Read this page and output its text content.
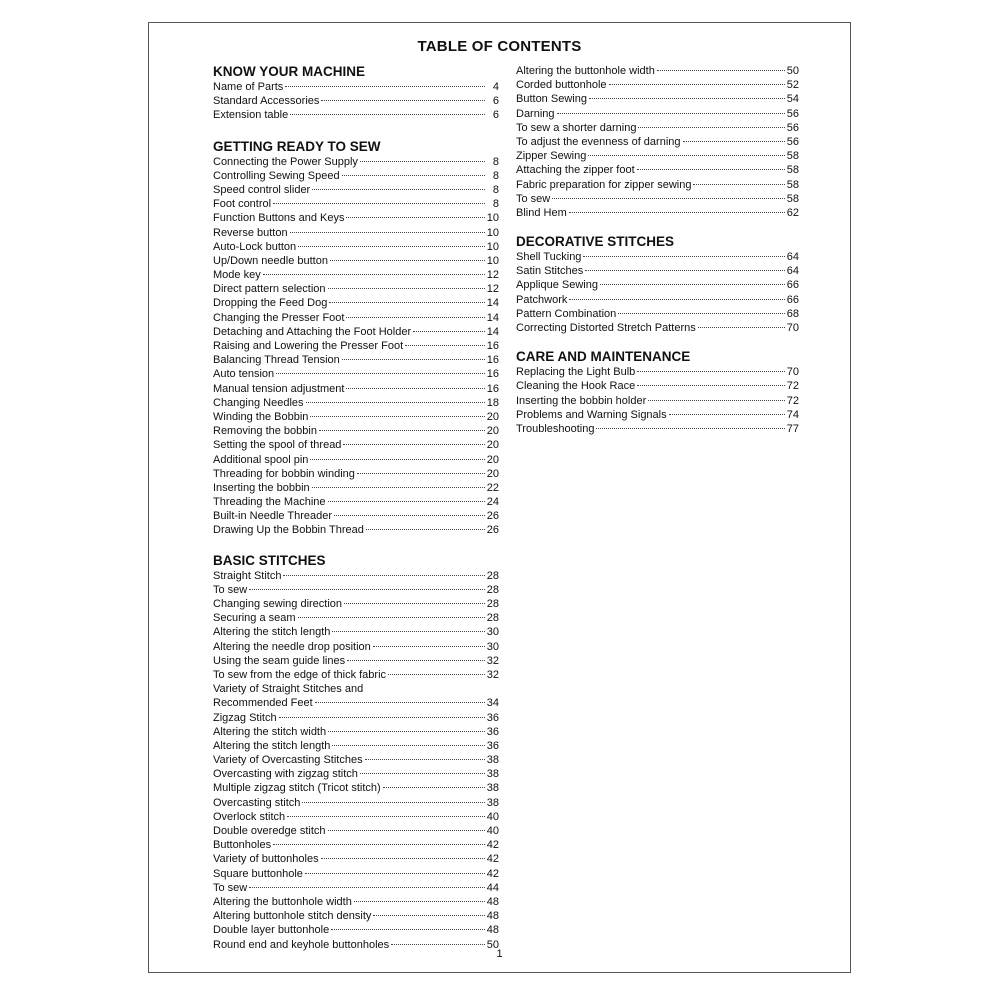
TABLE OF CONTENTS
KNOW YOUR MACHINE
Name of Parts	4
Standard Accessories	6
Extension table	6
GETTING READY TO SEW
Connecting the Power Supply	8
Controlling Sewing Speed	8
Speed control slider	8
Foot control	8
Function Buttons and Keys	10
Reverse button	10
Auto-Lock button	10
Up/Down needle button	10
Mode key	12
Direct pattern selection	12
Dropping the Feed Dog	14
Changing the Presser Foot	14
Detaching and Attaching the Foot Holder	14
Raising and Lowering the Presser Foot	16
Balancing Thread Tension	16
Auto tension	16
Manual tension adjustment	16
Changing Needles	18
Winding the Bobbin	20
Removing the bobbin	20
Setting the spool of thread	20
Additional spool pin	20
Threading for bobbin winding	20
Inserting the bobbin	22
Threading the Machine	24
Built-in Needle Threader	26
Drawing Up the Bobbin Thread	26
BASIC STITCHES
Straight Stitch	28
To sew	28
Changing sewing direction	28
Securing a seam	28
Altering the stitch length	30
Altering the needle drop position	30
Using the seam guide lines	32
To sew from the edge of thick fabric	32
Variety of Straight Stitches and
Recommended Feet	34
Zigzag Stitch	36
Altering the stitch width	36
Altering the stitch length	36
Variety of Overcasting Stitches	38
Overcasting with zigzag stitch	38
Multiple zigzag stitch (Tricot stitch)	38
Overcasting stitch	38
Overlock stitch	40
Double overedge stitch	40
Buttonholes	42
Variety of buttonholes	42
Square buttonhole	42
To sew	44
Altering the buttonhole width	48
Altering buttonhole stitch density	48
Double layer buttonhole	48
Round end and keyhole buttonholes	50
Altering the buttonhole width	50
Corded buttonhole	52
Button Sewing	54
Darning	56
To sew a shorter darning	56
To adjust the evenness of darning	56
Zipper Sewing	58
Attaching the zipper foot	58
Fabric preparation for zipper sewing	58
To sew	58
Blind Hem	62
DECORATIVE STITCHES
Shell Tucking	64
Satin Stitches	64
Applique Sewing	66
Patchwork	66
Pattern Combination	68
Correcting Distorted Stretch Patterns	70
CARE AND MAINTENANCE
Replacing the Light Bulb	70
Cleaning the Hook Race	72
Inserting the bobbin holder	72
Problems and Warning Signals	74
Troubleshooting	77
1
